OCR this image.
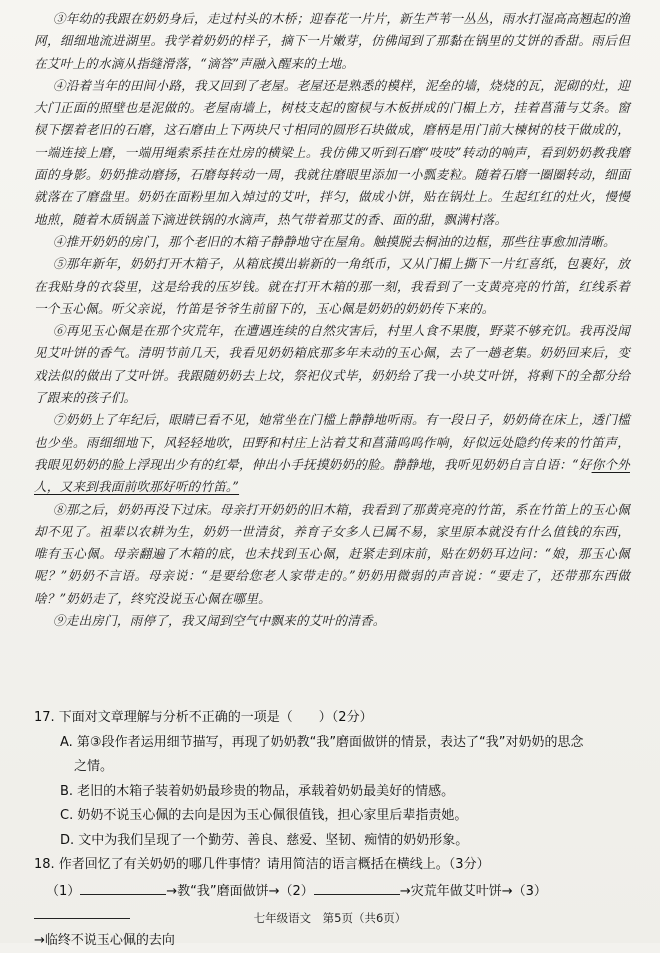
③年幼的我跟在奶奶身后，走过村头的木桥；迎春花一片片，新生芦苇一丛丛，雨水打湿高高翘起的渔网，细细地流进湖里。我学着奶奶的样子，摘下一片嫩芽，仿佛闻到了那黏在锅里的艾饼的香甜。雨后但在艾叶上的水滴从指缝滑落，“滴答”声融入醒来的土地。

④沿着当年的田间小路，我又回到了老屋。老屋还是熟悉的模样，泥垒的墙，烧烧的瓦，泥砌的灶，迎大门正面的照壁也是泥做的。老屋南墙上，树枝支起的窗棂与木板拼成的门楣上方，挂着菖蒲与艾条。窗棂下摆着老旧的石磨，这石磨由上下两块尺寸相同的圆形石块做成，磨柄是用门前大楝树的枝干做成的，一端连接上磨，一端用绳索系挂在灶房的横梁上。我仿佛又听到石磨“吱吱”转动的响声，看到奶奶教我磨面的身影。奶奶推动磨扬，石磨每转动一周，我就往磨眼里添加一小瓢麦粒。随着石磨一圈圈转动，细面就落在了磨盘里。奶奶在面粉里加入焯过的艾叶，拌匀，做成小饼，贴在锅灶上。生起红红的灶火，慢慢地煎，随着木质锅盖下滴进铁锅的水滴声，热气带着那艾的香、面的甜，飘满村落。

④推开奶奶的房门，那个老旧的木箱子静静地守在屋角。触摸脱去桐油的边框，那些往事愈加清晰。

⑤那年新年，奶奶打开木箱子，从箱底摸出崭新的一角纸币，又从门楣上撕下一片红喜纸，包裹好，放在我贴身的衣袋里，这是给我的压岁钱。就在打开木箱的那一刻，我看到了一支黄亮亮的竹笛，红线系着一个玉心佩。听父亲说，竹笛是爷爷生前留下的，玉心佩是奶奶的奶奶传下来的。

⑥再见玉心佩是在那个灾荒年，在遭遇连续的自然灾害后，村里人食不果腹，野菜不够充饥。我再没闻见艾叶饼的香气。清明节前几天，我看见奶奶箱底那多年未动的玉心佩，去了一趟老集。奶奶回来后，变戏法似的做出了艾叶饼。我跟随奶奶去上坟，祭祀仪式毕，奶奶给了我一小块艾叶饼，将剩下的全都分给了跟来的孩子们。

⑦奶奶上了年纪后，眼睛已看不见，她常坐在门槛上静静地听雨。有一段日子，奶奶倚在床上，透门槛也少坐。雨细细地下，风轻轻地吹，田野和村庄上沾着艾和菖蒲呜呜作响，好似远处隐约传来的竹笛声，我眼见奶奶的脸上浮现出少有的红晕，伸出小手抚摸奶奶的脸。静静地，我听见奶奶自言自语：“好你个外人，又来到我面前吹那好听的竹笛。”

⑧那之后，奶奶再没下过床。母亲打开奶奶的旧木箱，我看到了那黄亮亮的竹笛，系在竹笛上的玉心佩却不见了。祖辈以农耕为生，奶奶一世清贫，养育子女多人已属不易，家里原本就没有什么值钱的东西，唯有玉心佩。母亲翻遍了木箱的底，也未找到玉心佩，赶紧走到床前，贴在奶奶耳边问：“娘，那玉心佩呢？”奶奶不言语。母亲说：“是要给您老人家带走的。”奶奶用微弱的声音说：“要走了，还带那东西做啥？”奶奶走了，终究没说玉心佩在哪里。

⑨走出房门，雨停了，我又闻到空气中飘来的艾叶的清香。

17. 下面对文章理解与分析不正确的一项是（　　）（2分）

A. 第③段作者运用细节描写，再现了奶奶教“我”磨面做饼的情景，表达了“我”对奶奶的思念

之情。

B. 老旧的木箱子装着奶奶最珍贵的物品，承载着奶奶最美好的情感。

C. 奶奶不说玉心佩的去向是因为玉心佩很值钱，担心家里后辈指责她。

D. 文中为我们呈现了一个勤劳、善良、慈爱、坚韧、痴情的奶奶形象。

18. 作者回忆了有关奶奶的哪几件事情？请用简洁的语言概括在横线上。（3分）

（1）	→教“我”磨面做饼→（2）	→灾荒年做艾叶饼→（3）

→临终不说玉心佩的去向

七年级语文　第5页（共6页）
